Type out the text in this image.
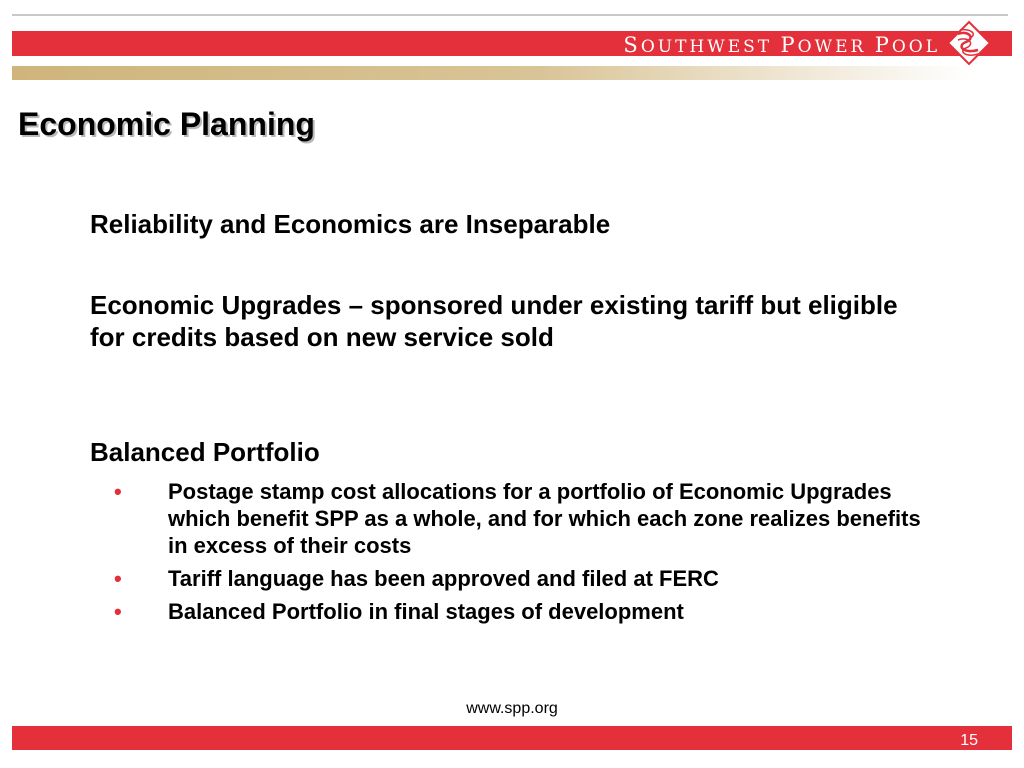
SOUTHWEST POWER POOL
Economic Planning

Reliability and Economics are Inseparable

Economic Upgrades – sponsored under existing tariff but eligible for credits based on new service sold

Balanced Portfolio

• Postage stamp cost allocations for a portfolio of Economic Upgrades which benefit SPP as a whole, and for which each zone realizes benefits in excess of their costs
• Tariff language has been approved and filed at FERC
• Balanced Portfolio in final stages of development
www.spp.org
15
